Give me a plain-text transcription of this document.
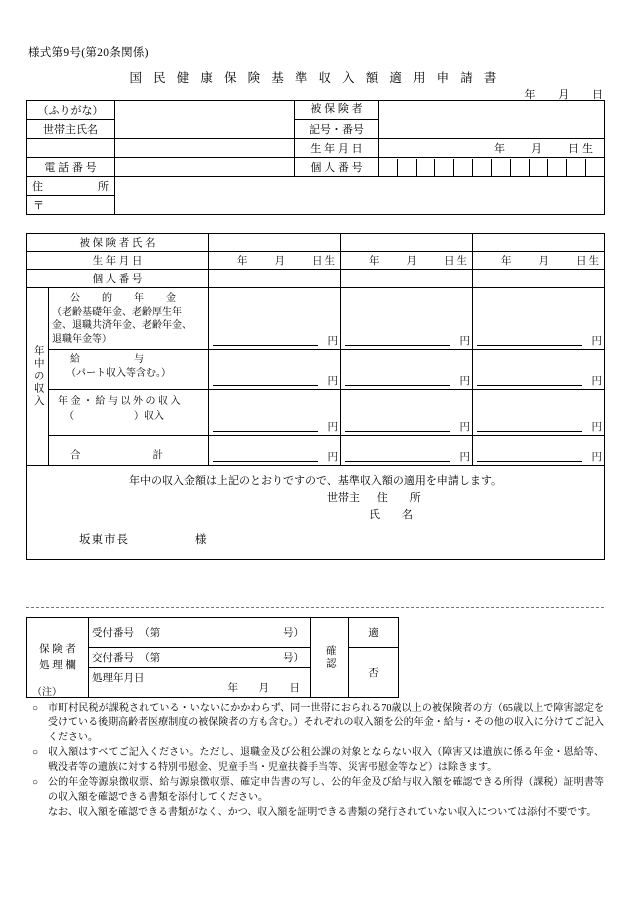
様式第9号(第20条関係)
国 民 健 康 保 険 基 準 収 入 額 適 用 申 請 書
年 月 日
（ふりがな）		被 保 険 者	

世帯主氏名		記号・番号	
		生 年 月 日	年 月 日生
電 話 番 号		個 人 番 号	

住　　　　　所			
〒			
被 保 険 者 氏 名				
生 年 月 日		年　　月　　日生	年　　月　　日生	年　　月　　日生
個 人 番 号				

年中の収入	公　的　年　金
（老齢基礎年金、老齢厚生年
金、退職共済年金、老齢年金、
退職年金等）	円	円	円

	給　　　与
（パート収入等含む。）	円	円	円

	年 金 ・ 給 与 以 外 の 収 入
（　　　　　　）収入	円	円	円

	合　　　　計	円	円	円

年中の収入金額は上記のとおりですので、基準収入額の適用を申請します。
世帯主 住　　所
氏　　名
坂東市長 様				
保 険 者
処 理 欄
	受付番号　（第	号）

確認
	適
	交付番号　（第 号）		否
	処理年月日
年 月 日		
（注）
○ 市町村民税が課税されている・いないにかかわらず、同一世帯におられる70歳以上の被保険者の方（65歳以上で障害認定を受けている後期高齢者医療制度の被保険者の方も含む。）それぞれの収入額を公的年金・給与・その他の収入に分けてご記入ください。
○ 収入額はすべてご記入ください。ただし、退職金及び公租公課の対象とならない収入（障害又は遺族に係る年金・恩給等、戦没者等の遺族に対する特別弔慰金、児童手当・児童扶養手当等、災害弔慰金等など）は除きます。
○ 公的年金等源泉徴収票、給与源泉徴収票、確定申告書の写し、公的年金及び給与収入額を確認できる所得（課税）証明書等の収入額を確認できる書類を添付してください。
なお、収入額を確認できる書類がなく、かつ、収入額を証明できる書類の発行されていない収入については添付不要です。
